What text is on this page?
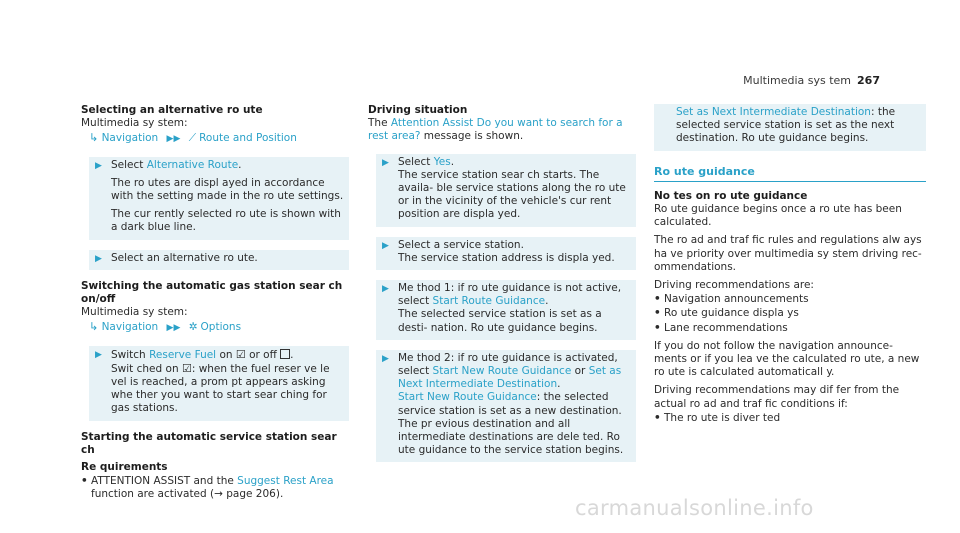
Multimedia sys tem 267

Selecting an alternative ro ute

Multimedia sy stem:

↳ Navigation ▶▶ ⟋ Route and Position
▶ Select Alternative Route.

The ro utes are displ ayed in accordance with the setting made in the ro ute settings.

The cur rently selected ro ute is shown with a dark blue line.

▶ Select an alternative ro ute.

Switching the automatic gas station sear ch on/off

Multimedia sy stem:

↳ Navigation ▶▶ ✲ Options
▶ Switch Reserve Fuel on ☑ or off .

Swit ched on ☑: when the fuel reser ve le vel is reached, a prom pt appears asking whe ther you want to start sear ching for gas stations.

Starting the automatic service station sear ch

Re quirements

• ATTENTION ASSIST and the Suggest Rest Area function are activated (→ page 206).

Driving situation

The Attention Assist Do you want to search for a rest area? message is shown.

▶ Select Yes.

The service station sear ch starts. The availa‐ ble service stations along the ro ute or in the vicinity of the vehicle's cur rent position are displa yed.

▶ Select a service station.

The service station address is displa yed.

▶ Me thod 1: if ro ute guidance is not active, select Start Route Guidance.

The selected service station is set as a desti‐ nation. Ro ute guidance begins.

▶ Me thod 2: if ro ute guidance is activated, select Start New Route Guidance or Set as Next Intermediate Destination.

Start New Route Guidance: the selected service station is set as a new destination. The pr evious destination and all intermediate destinations are dele ted. Ro ute guidance to the service station begins.

Set as Next Intermediate Destination: the selected service station is set as the next destination. Ro ute guidance begins.

Ro ute guidance

No tes on ro ute guidance

Ro ute guidance begins once a ro ute has been calculated.

The ro ad and traf fic rules and regulations alw ays ha ve priority over multimedia sy stem driving rec‐ ommendations.

Driving recommendations are:

• Navigation announcements
• Ro ute guidance displa ys
• Lane recommendations

If you do not follow the navigation announce‐ ments or if you lea ve the calculated ro ute, a new ro ute is calculated automaticall y.

Driving recommendations may dif fer from the actual ro ad and traf fic conditions if:

• The ro ute is diver ted
carmanualsonline.info
